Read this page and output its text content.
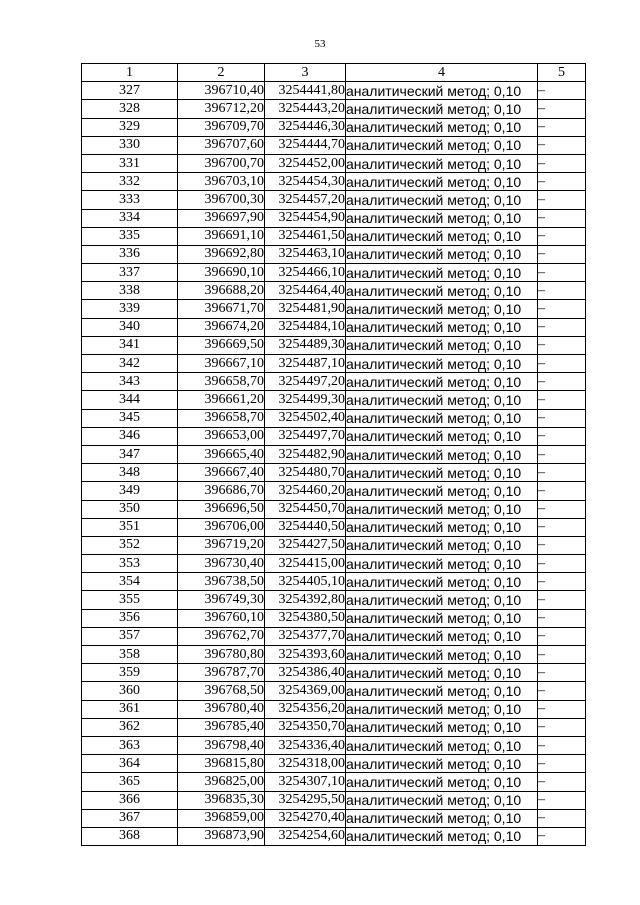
53
1	2	3	4	5
327	396710,40	3254441,80	аналитический метод; 0,10	–
328	396712,20	3254443,20	аналитический метод; 0,10	–
329	396709,70	3254446,30	аналитический метод; 0,10	–
330	396707,60	3254444,70	аналитический метод; 0,10	–
331	396700,70	3254452,00	аналитический метод; 0,10	–
332	396703,10	3254454,30	аналитический метод; 0,10	–
333	396700,30	3254457,20	аналитический метод; 0,10	–
334	396697,90	3254454,90	аналитический метод; 0,10	–
335	396691,10	3254461,50	аналитический метод; 0,10	–
336	396692,80	3254463,10	аналитический метод; 0,10	–
337	396690,10	3254466,10	аналитический метод; 0,10	–
338	396688,20	3254464,40	аналитический метод; 0,10	–
339	396671,70	3254481,90	аналитический метод; 0,10	–
340	396674,20	3254484,10	аналитический метод; 0,10	–
341	396669,50	3254489,30	аналитический метод; 0,10	–
342	396667,10	3254487,10	аналитический метод; 0,10	–
343	396658,70	3254497,20	аналитический метод; 0,10	–
344	396661,20	3254499,30	аналитический метод; 0,10	–
345	396658,70	3254502,40	аналитический метод; 0,10	–
346	396653,00	3254497,70	аналитический метод; 0,10	–
347	396665,40	3254482,90	аналитический метод; 0,10	–
348	396667,40	3254480,70	аналитический метод; 0,10	–
349	396686,70	3254460,20	аналитический метод; 0,10	–
350	396696,50	3254450,70	аналитический метод; 0,10	–
351	396706,00	3254440,50	аналитический метод; 0,10	–
352	396719,20	3254427,50	аналитический метод; 0,10	–
353	396730,40	3254415,00	аналитический метод; 0,10	–
354	396738,50	3254405,10	аналитический метод; 0,10	–
355	396749,30	3254392,80	аналитический метод; 0,10	–
356	396760,10	3254380,50	аналитический метод; 0,10	–
357	396762,70	3254377,70	аналитический метод; 0,10	–
358	396780,80	3254393,60	аналитический метод; 0,10	–
359	396787,70	3254386,40	аналитический метод; 0,10	–
360	396768,50	3254369,00	аналитический метод; 0,10	–
361	396780,40	3254356,20	аналитический метод; 0,10	–
362	396785,40	3254350,70	аналитический метод; 0,10	–
363	396798,40	3254336,40	аналитический метод; 0,10	–
364	396815,80	3254318,00	аналитический метод; 0,10	–
365	396825,00	3254307,10	аналитический метод; 0,10	–
366	396835,30	3254295,50	аналитический метод; 0,10	–
367	396859,00	3254270,40	аналитический метод; 0,10	–
368	396873,90	3254254,60	аналитический метод; 0,10	–
